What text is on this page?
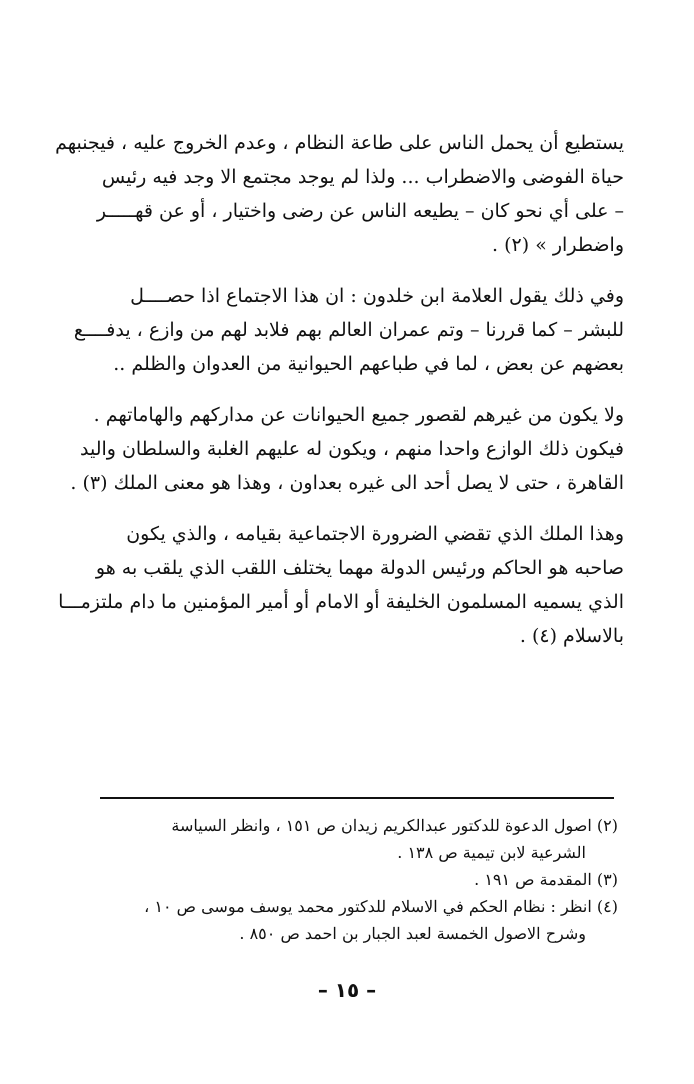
يستطيع أن يحمل الناس على طاعة النظام ، وعدم الخروج عليه ، فيجنبهم
حياة الفوضى والاضطراب ... ولذا لم يوجد مجتمع الا وجد فيه رئيس
– على أي نحو كان – يطيعه الناس عن رضى واختيار ، أو عن قهـــــر
واضطرار » (٢) .
وفي ذلك يقول العلامة ابن خلدون : ان هذا الاجتماع اذا حصــــل
للبشر – كما قررنا – وتم عمران العالم بهم فلابد لهم من وازع ، يدفــــع
بعضهم عن بعض ، لما في طباعهم الحيوانية من العدوان والظلم ..
ولا يكون من غيرهم لقصور جميع الحيوانات عن مداركهم والهاماتهم .
فيكون ذلك الوازع واحدا منهم ، ويكون له عليهم الغلبة والسلطان واليد
القاهرة ، حتى لا يصل أحد الى غيره بعداون ، وهذا هو معنى الملك (٣) .
وهذا الملك الذي تقضي الضرورة الاجتماعية بقيامه ، والذي يكون
صاحبه هو الحاكم ورئيس الدولة مهما يختلف اللقب الذي يلقب به هو
الذي يسميه المسلمون الخليفة أو الامام أو أمير المؤمنين ما دام ملتزمـــا
بالاسلام (٤) .
(٢) اصول الدعوة للدكتور عبدالكريم زيدان ص ١٥١ ، وانظر السياسة
الشرعية لابن تيمية ص ١٣٨ .
(٣) المقدمة ص ١٩١ .
(٤) انظر : نظام الحكم في الاسلام للدكتور محمد يوسف موسى ص ١٠ ،
وشرح الاصول الخمسة لعبد الجبار بن احمد ص ٨٥٠ .
– ١٥ –
